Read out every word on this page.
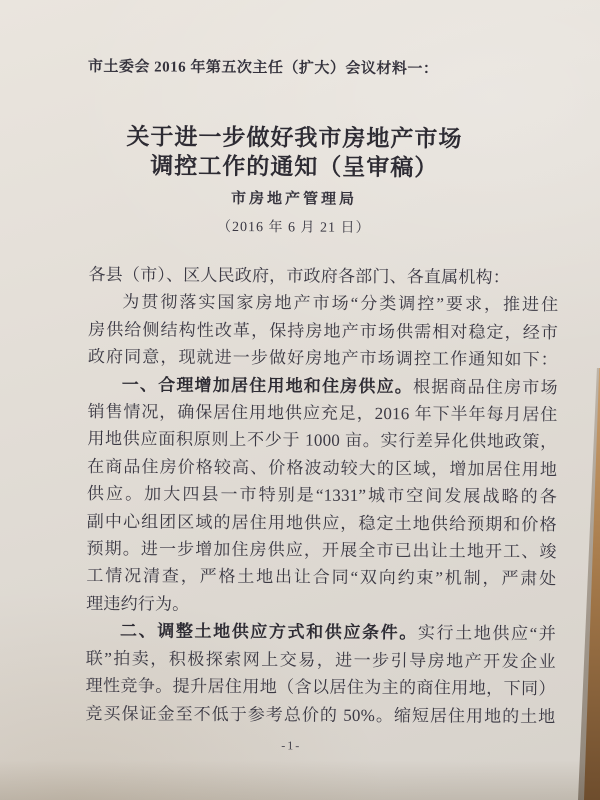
市土委会 2016 年第五次主任（扩大）会议材料一：
关于进一步做好我市房地产市场
调控工作的通知（呈审稿）
市房地产管理局
（2016 年 6 月 21 日）
各县（市）、区人民政府，市政府各部门、各直属机构：
为贯彻落实国家房地产市场“分类调控”要求，推进住
房供给侧结构性改革，保持房地产市场供需相对稳定，经市
政府同意，现就进一步做好房地产市场调控工作通知如下：
一、合理增加居住用地和住房供应。根据商品住房市场
销售情况，确保居住用地供应充足，2016 年下半年每月居住
用地供应面积原则上不少于 1000 亩。实行差异化供地政策，
在商品住房价格较高、价格波动较大的区域，增加居住用地
供应。加大四县一市特别是“1331”城市空间发展战略的各
副中心组团区域的居住用地供应，稳定土地供给预期和价格
预期。进一步增加住房供应，开展全市已出让土地开工、竣
工情况清查，严格土地出让合同“双向约束”机制，严肃处
理违约行为。
二、调整土地供应方式和供应条件。实行土地供应“并
联”拍卖，积极探索网上交易，进一步引导房地产开发企业
理性竞争。提升居住用地（含以居住为主的商住用地，下同）
竞买保证金至不低于参考总价的 50%。缩短居住用地的土地
-1-
